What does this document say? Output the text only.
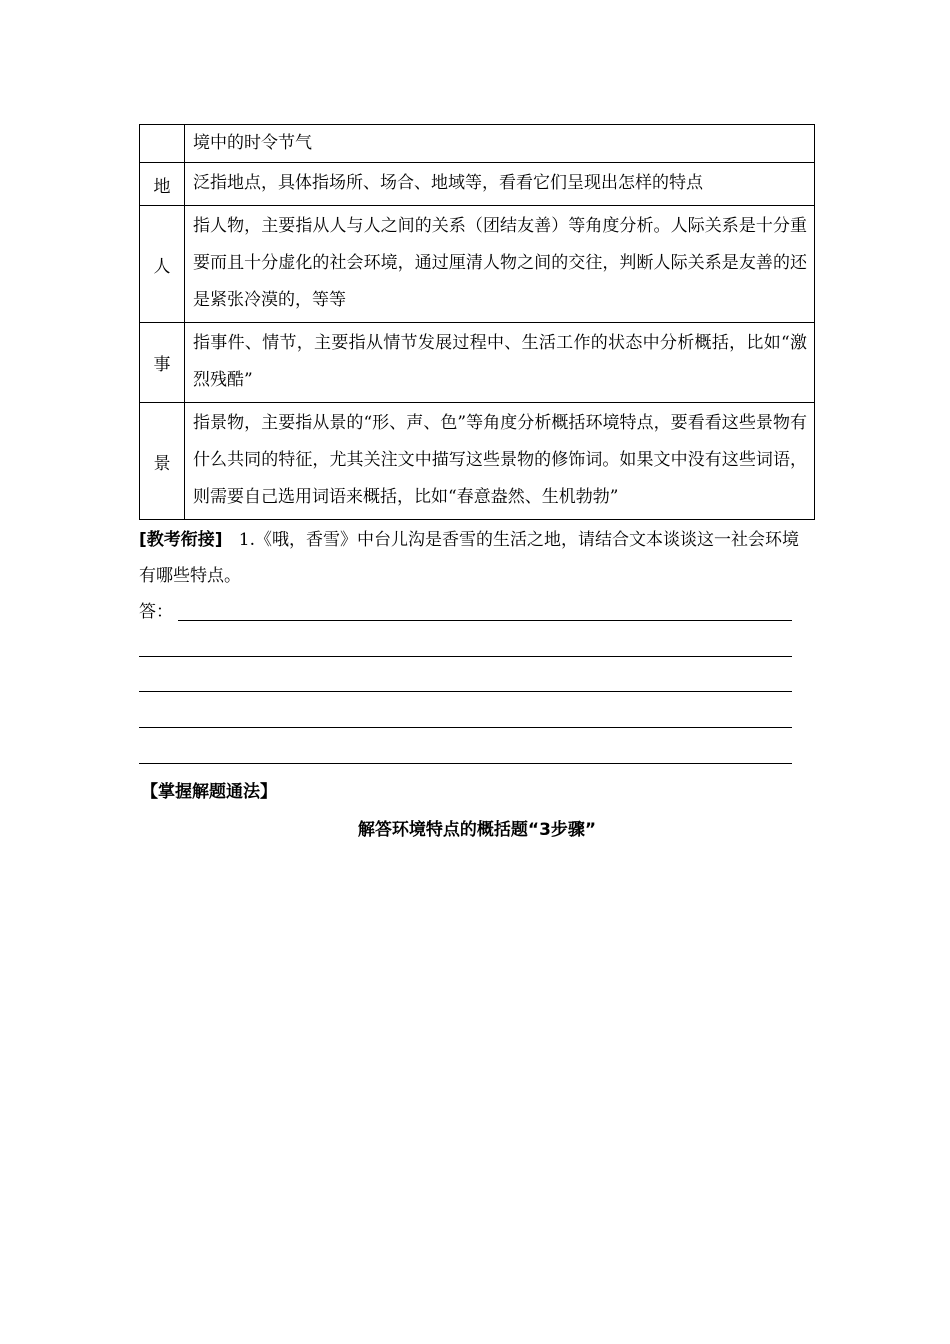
	境中的时令节气
地	泛指地点，具体指场所、场合、地域等，看看它们呈现出怎样的特点
人	指人物，主要指从人与人之间的关系（团结友善）等角度分析。人际关系是十分重要而且十分虚化的社会环境，通过厘清人物之间的交往，判断人际关系是友善的还是紧张冷漠的，等等
事	指事件、情节，主要指从情节发展过程中、生活工作的状态中分析概括，比如“激烈残酷”
景	指景物，主要指从景的“形、声、色”等角度分析概括环境特点，要看看这些景物有什么共同的特征，尤其关注文中描写这些景物的修饰词。如果文中没有这些词语，则需要自己选用词语来概括，比如“春意盎然、生机勃勃”
[教考衔接] 1.《哦，香雪》中台儿沟是香雪的生活之地，请结合文本谈谈这一社会环境有哪些特点。
答：
【掌握解题通法】
解答环境特点的概括题“3步骤”
